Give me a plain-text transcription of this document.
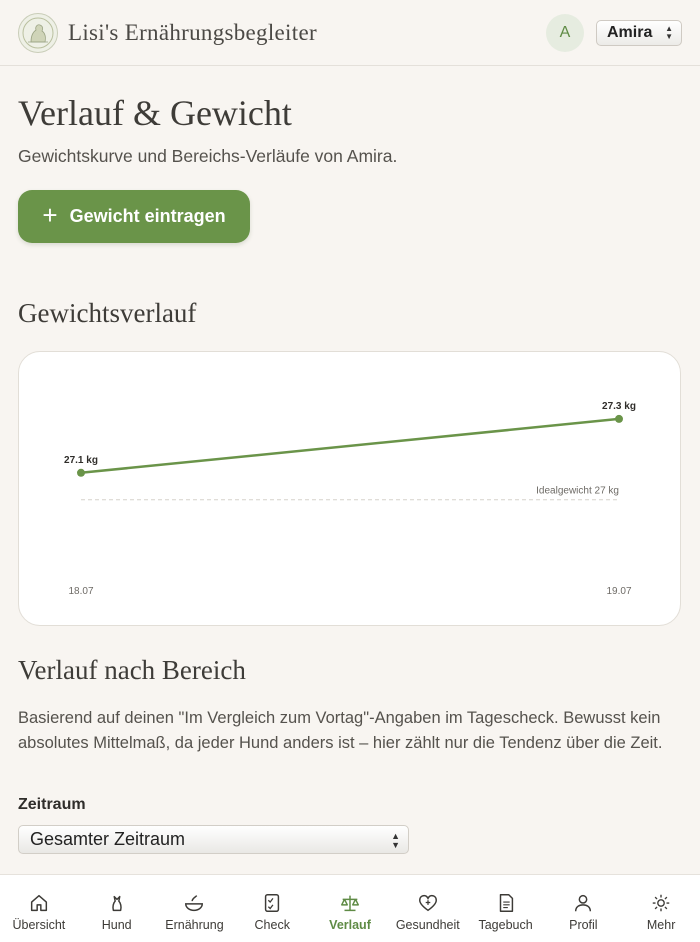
Lisi's Ernährungsbegleiter	A	Amira ▲
▼
Verlauf & Gewicht
Gewichtskurve und Bereichs-Verläufe von Amira.
+ Gewicht eintragen
Gewichtsverlauf
Idealgewicht 27 kg
27.1 kg
18.07
27.3 kg
19.07
Verlauf nach Bereich
Basierend auf deinen "Im Vergleich zum Vortag"-Angaben im Tagescheck. Bewusst kein absolutes Mittelmaß, da jeder Hund anders ist – hier zählt nur die Tendenz über die Zeit.
Zeitraum
Gesamter Zeitraum	▲
▼
Übersicht	Hund	Ernährung Check	Verlauf Gesundheit Tagebuch	Profil	Mehr
